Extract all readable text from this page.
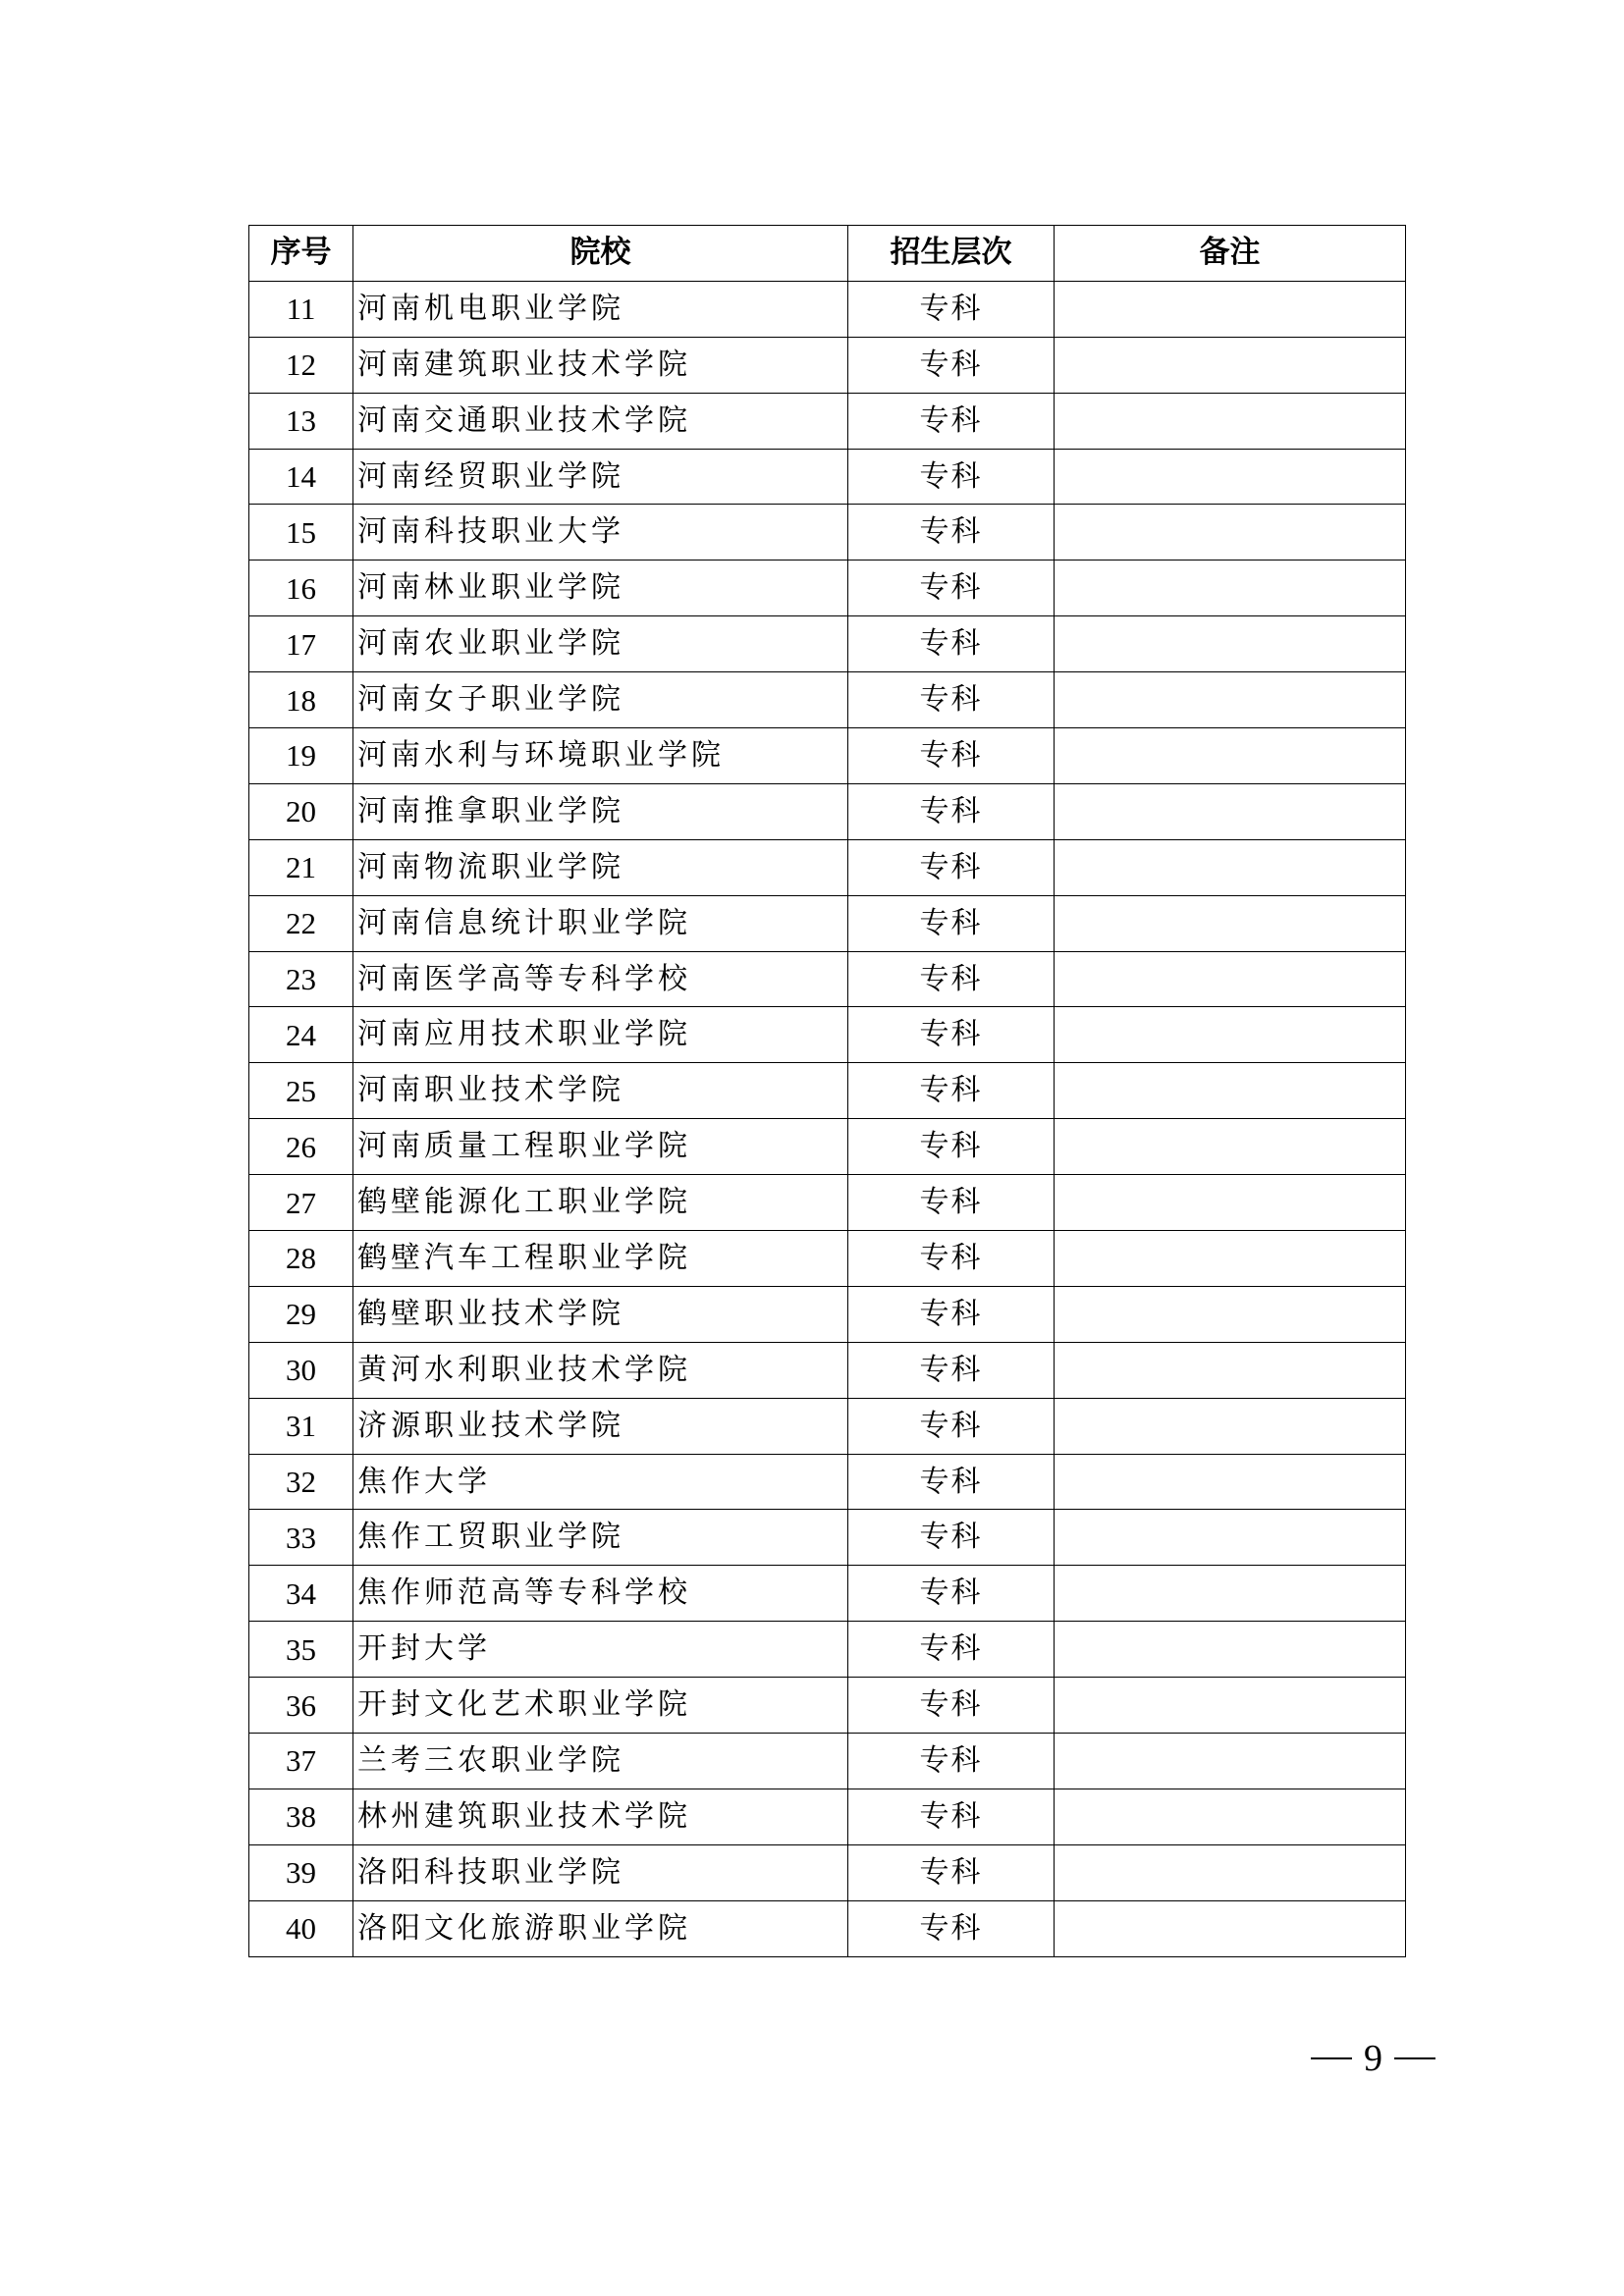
序号	院校	招生层次	备注
11	河南机电职业学院	专科	
12	河南建筑职业技术学院	专科	
13	河南交通职业技术学院	专科	
14	河南经贸职业学院	专科	
15	河南科技职业大学	专科	
16	河南林业职业学院	专科	
17	河南农业职业学院	专科	
18	河南女子职业学院	专科	
19	河南水利与环境职业学院	专科	
20	河南推拿职业学院	专科	
21	河南物流职业学院	专科	
22	河南信息统计职业学院	专科	
23	河南医学高等专科学校	专科	
24	河南应用技术职业学院	专科	
25	河南职业技术学院	专科	
26	河南质量工程职业学院	专科	
27	鹤壁能源化工职业学院	专科	
28	鹤壁汽车工程职业学院	专科	
29	鹤壁职业技术学院	专科	
30	黄河水利职业技术学院	专科	
31	济源职业技术学院	专科	
32	焦作大学	专科	
33	焦作工贸职业学院	专科	
34	焦作师范高等专科学校	专科	
35	开封大学	专科	
36	开封文化艺术职业学院	专科	
37	兰考三农职业学院	专科	
38	林州建筑职业技术学院	专科	
39	洛阳科技职业学院	专科	
40	洛阳文化旅游职业学院	专科	
9
